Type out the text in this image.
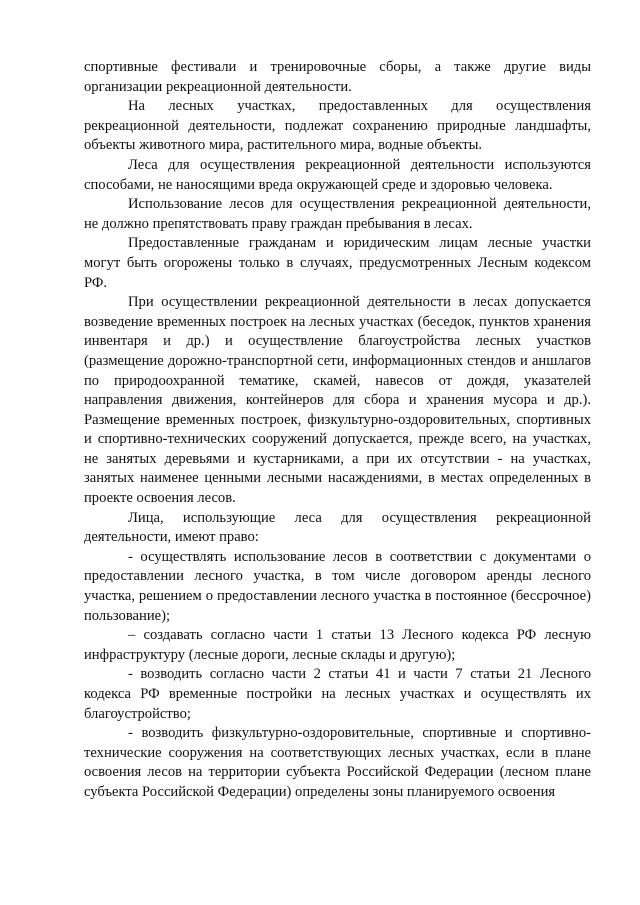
спортивные фестивали и тренировочные сборы, а также другие виды организации рекреационной деятельности.

На лесных участках, предоставленных для осуществления рекреационной деятельности, подлежат сохранению природные ландшафты, объекты животного мира, растительного мира, водные объекты.

Леса для осуществления рекреационной деятельности используются способами, не наносящими вреда окружающей среде и здоровью человека.

Использование лесов для осуществления рекреационной деятельности, не должно препятствовать праву граждан пребывания в лесах.

Предоставленные гражданам и юридическим лицам лесные участки могут быть огорожены только в случаях, предусмотренных Лесным кодексом РФ.

При осуществлении рекреационной деятельности в лесах допускается возведение временных построек на лесных участках (беседок, пунктов хранения инвентаря и др.) и осуществление благоустройства лесных участков (размещение дорожно-транспортной сети, информационных стендов и аншлагов по природоохранной тематике, скамей, навесов от дождя, указателей направления движения, контейнеров для сбора и хранения мусора и др.). Размещение временных построек, физкультурно-оздоровительных, спортивных и спортивно-технических сооружений допускается, прежде всего, на участках, не занятых деревьями и кустарниками, а при их отсутствии - на участках, занятых наименее ценными лесными насаждениями, в местах определенных в проекте освоения лесов.

Лица, использующие леса для осуществления рекреационной деятельности, имеют право:

- осуществлять использование лесов в соответствии с документами о предоставлении лесного участка, в том числе договором аренды лесного участка, решением о предоставлении лесного участка в постоянное (бессрочное) пользование);

– создавать согласно части 1 статьи 13 Лесного кодекса РФ лесную инфраструктуру (лесные дороги, лесные склады и другую);

- возводить согласно части 2 статьи 41 и части 7 статьи 21 Лесного кодекса РФ временные постройки на лесных участках и осуществлять их благоустройство;

- возводить физкультурно-оздоровительные, спортивные и спортивно-технические сооружения на соответствующих лесных участках, если в плане освоения лесов на территории субъекта Российской Федерации (лесном плане субъекта Российской Федерации) определены зоны планируемого освоения
